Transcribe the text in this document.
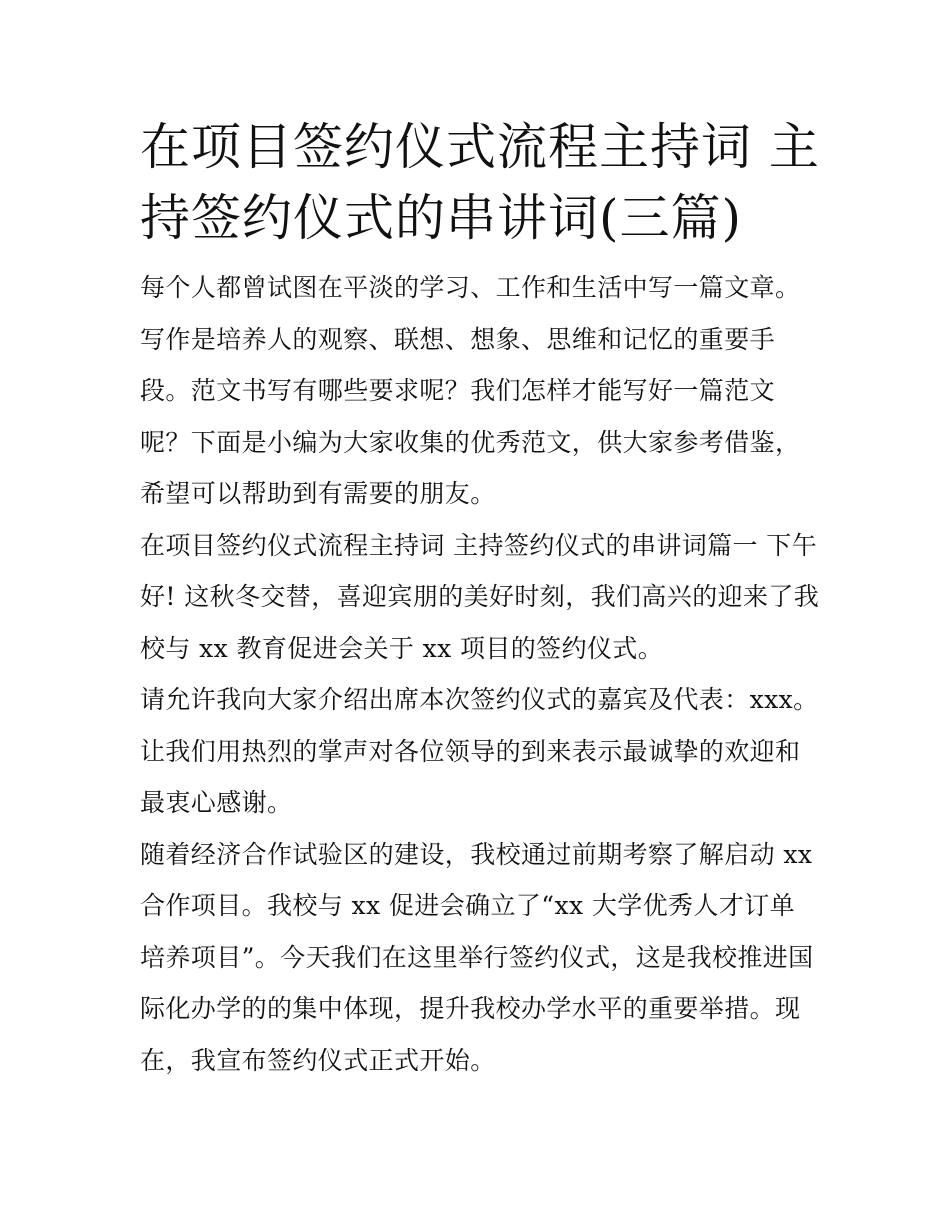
在项目签约仪式流程主持词 主持签约仪式的串讲词(三篇)

每个人都曾试图在平淡的学习、工作和生活中写一篇文章。写作是培养人的观察、联想、想象、思维和记忆的重要手段。范文书写有哪些要求呢？我们怎样才能写好一篇范文呢？下面是小编为大家收集的优秀范文，供大家参考借鉴，希望可以帮助到有需要的朋友。

在项目签约仪式流程主持词 主持签约仪式的串讲词篇一 下午好! 这秋冬交替，喜迎宾朋的美好时刻，我们高兴的迎来了我校与 xx 教育促进会关于 xx 项目的签约仪式。

请允许我向大家介绍出席本次签约仪式的嘉宾及代表：xxx。

让我们用热烈的掌声对各位领导的到来表示最诚挚的欢迎和最衷心感谢。

随着经济合作试验区的建设，我校通过前期考察了解启动 xx 合作项目。我校与 xx 促进会确立了“xx 大学优秀人才订单培养项目”。今天我们在这里举行签约仪式，这是我校推进国际化办学的的集中体现，提升我校办学水平的重要举措。现在，我宣布签约仪式正式开始。
